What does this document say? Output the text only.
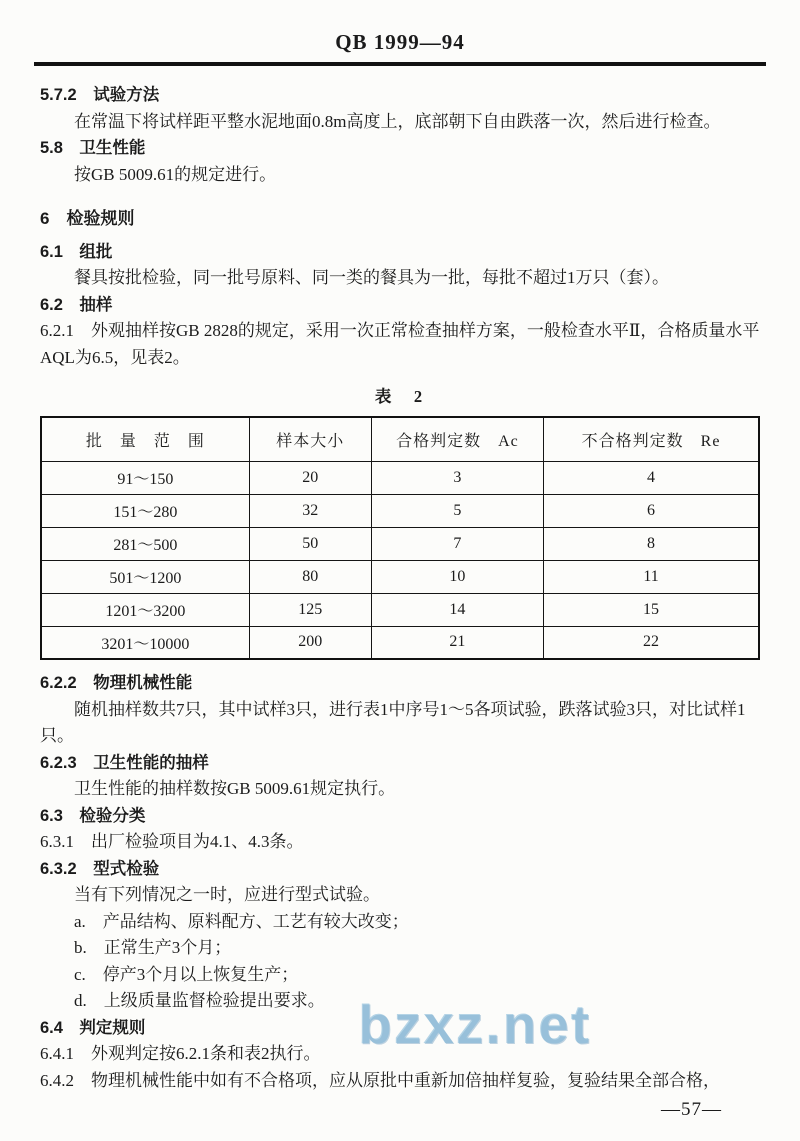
QB 1999—94
5.7.2　试验方法
在常温下将试样距平整水泥地面0.8m高度上，底部朝下自由跌落一次，然后进行检查。
5.8　卫生性能
按GB 5009.61的规定进行。
6　检验规则
6.1　组批
餐具按批检验，同一批号原料、同一类的餐具为一批，每批不超过1万只（套）。
6.2　抽样
6.2.1　外观抽样按GB 2828的规定，采用一次正常检查抽样方案，一般检查水平Ⅱ，合格质量水平AQL为6.5，见表2。
表　2
批　量　范　围	样本大小	合格判定数　Ac	不合格判定数　Re
91～150	20	3	4
151～280	32	5	6
281～500	50	7	8
501～1200	80	10	11
1201～3200	125	14	15
3201～10000	200	21	22
6.2.2　物理机械性能
随机抽样数共7只，其中试样3只，进行表1中序号1～5各项试验，跌落试验3只，对比试样1只。
6.2.3　卫生性能的抽样
卫生性能的抽样数按GB 5009.61规定执行。
6.3　检验分类
6.3.1　出厂检验项目为4.1、4.3条。
6.3.2　型式检验
当有下列情况之一时，应进行型式试验。
a.　产品结构、原料配方、工艺有较大改变；
b.　正常生产3个月；
c.　停产3个月以上恢复生产；
d.　上级质量监督检验提出要求。
6.4　判定规则
6.4.1　外观判定按6.2.1条和表2执行。
6.4.2　物理机械性能中如有不合格项，应从原批中重新加倍抽样复验，复验结果全部合格，
bzxz.net
—57—
